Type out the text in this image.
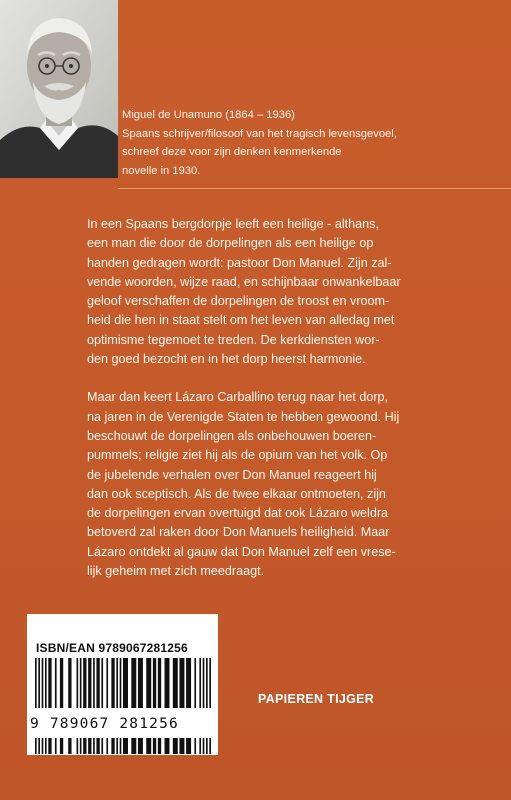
Miguel de Unamuno (1864 – 1936)
Spaans schrijver/filosoof van het tragisch levensgevoel,
schreef deze voor zijn denken kenmerkende
novelle in 1930.
In een Spaans bergdorpje leeft een heilige - althans,
een man die door de dorpelingen als een heilige op
handen gedragen wordt: pastoor Don Manuel. Zijn zal-
vende woorden, wijze raad, en schijnbaar onwankelbaar
geloof verschaffen de dorpelingen de troost en vroom-
heid die hen in staat stelt om het leven van alledag met
optimisme tegemoet te treden. De kerkdiensten wor-
den goed bezocht en in het dorp heerst harmonie.
Maar dan keert Lázaro Carballino terug naar het dorp,
na jaren in de Verenigde Staten te hebben gewoond. Hij
beschouwt de dorpelingen als onbehouwen boeren-
pummels; religie ziet hij als de opium van het volk. Op
de jubelende verhalen over Don Manuel reageert hij
dan ook sceptisch. Als de twee elkaar ontmoeten, zijn
de dorpelingen ervan overtuigd dat ook Lázaro weldra
betoverd zal raken door Don Manuels heiligheid. Maar
Lázaro ontdekt al gauw dat Don Manuel zelf een vrese-
lijk geheim met zich meedraagt.
ISBN/EAN 9789067281256
9 789067 281256
PAPIEREN TIJGER
